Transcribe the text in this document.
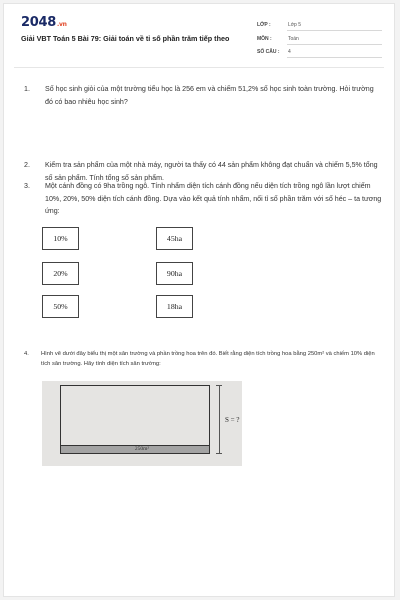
2048.vn
Giải VBT Toán 5 Bài 79: Giải toán về tỉ số phần trăm tiếp theo
LỚP :	Lớp 5
MÔN :	Toán
SỐ CÂU : 4
1. Số học sinh giỏi của một trường tiểu học là 256 em và chiếm 51,2% số học sinh toàn trường. Hỏi trường đó có bao nhiêu học sinh?
2. Kiểm tra sản phẩm của một nhà máy, người ta thấy có 44 sản phẩm không đạt chuẩn và chiếm 5,5% tổng số sản phẩm. Tính tổng số sản phẩm.
3. Một cánh đồng có 9ha trồng ngô. Tính nhẩm diện tích cánh đồng nếu diện tích trồng ngô lần lượt chiếm 10%, 20%, 50% diện tích cánh đồng. Dựa vào kết quả tính nhẩm, nối tỉ số phần trăm với số héc – ta tương ứng:
10%
20%
50%
45ha
90ha
18ha
4. Hình vẽ dưới đây biểu thị một sân trường và phần trồng hoa trên đó. Biết rằng diện tích trồng hoa bằng 250m² và chiếm 10% diện tích sân trường. Hãy tính diện tích sân trường:
250m²
S = ?
